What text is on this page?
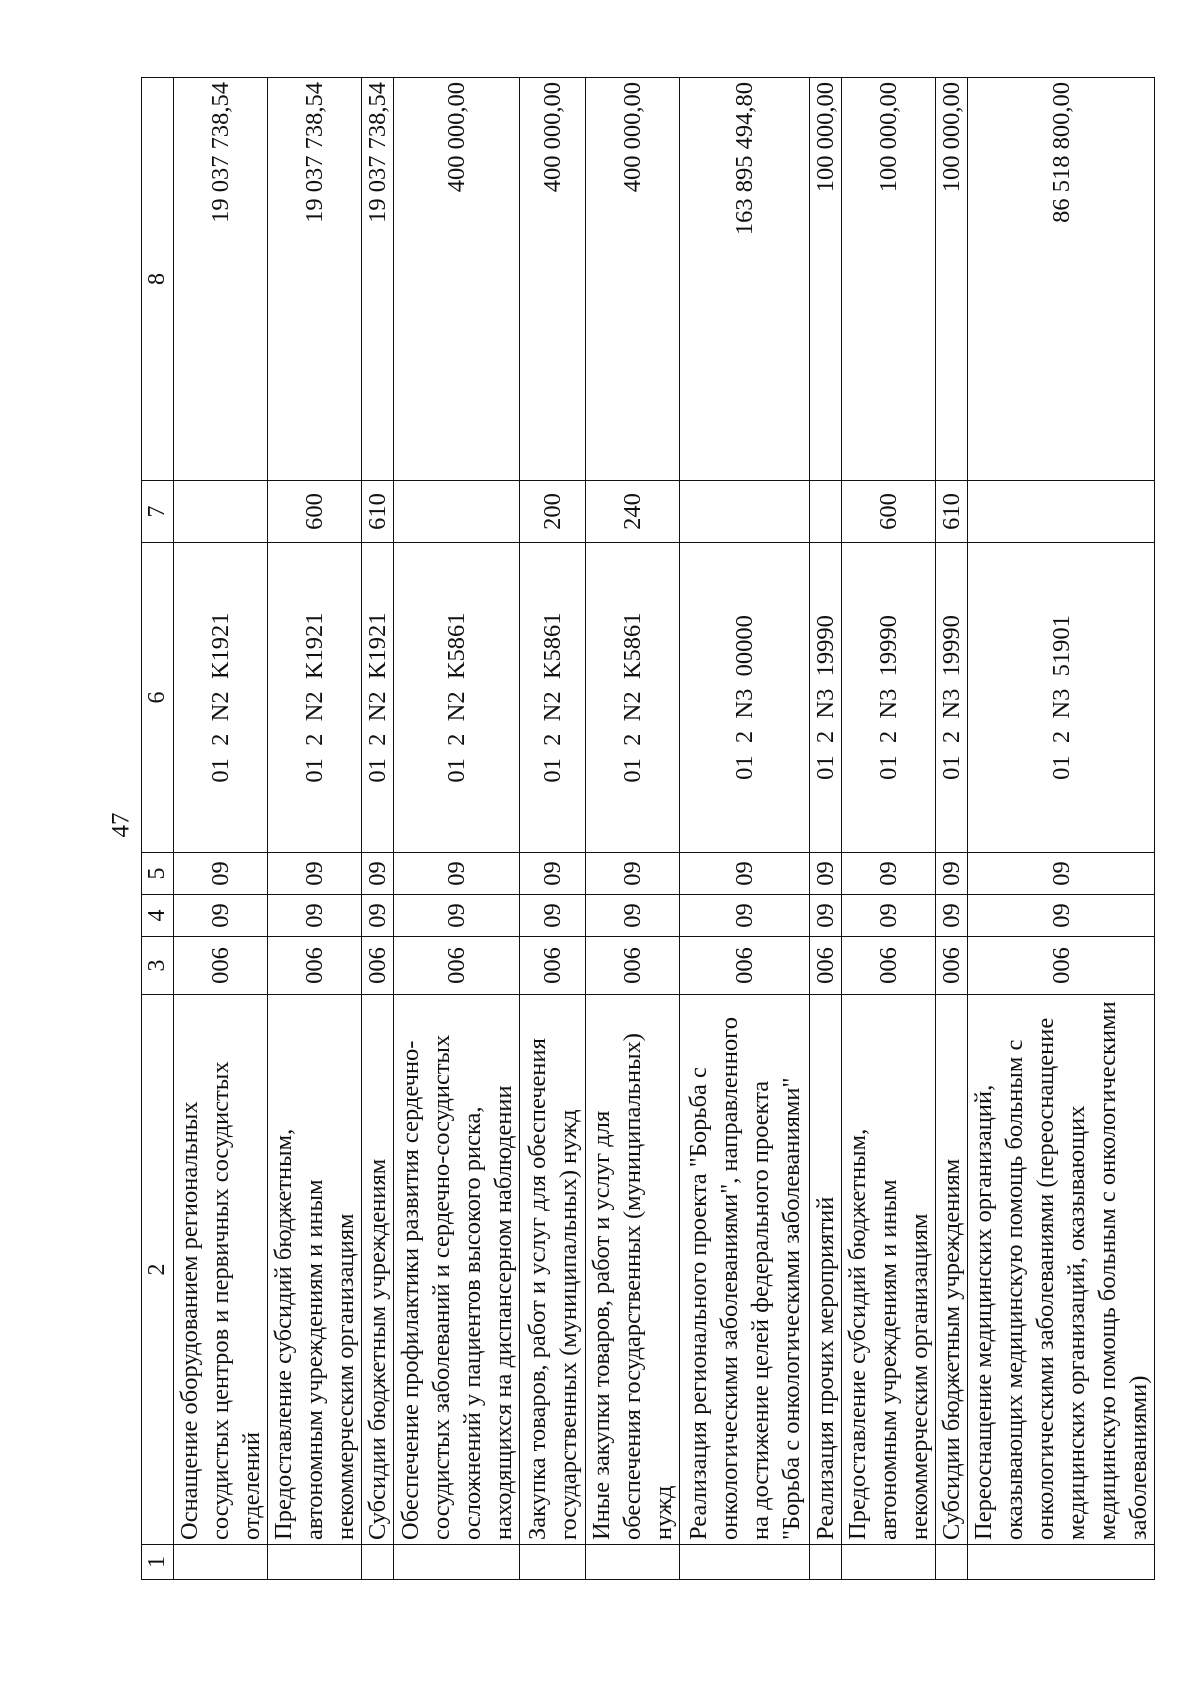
47
1	2	3	4	5	6	7	8
	Оснащение оборудованием региональных сосудистых центров и первичных сосудистых отделений	006	09	09	01  2  N2  K1921		19 037 738,54
	Предоставление субсидий бюджетным, автономным учреждениям и иным некоммерческим организациям	006	09	09	01  2  N2  K1921	600	19 037 738,54
	Субсидии бюджетным учреждениям	006	09	09	01  2  N2  K1921	610	19 037 738,54
	Обеспечение профилактики развития сердечно-сосудистых заболеваний и сердечно-сосудистых осложнений у пациентов высокого риска, находящихся на диспансерном наблюдении	006	09	09	01  2  N2  K5861		400 000,00
	Закупка товаров, работ и услуг для обеспечения государственных (муниципальных) нужд	006	09	09	01  2  N2  K5861	200	400 000,00
	Иные закупки товаров, работ и услуг для обеспечения государственных (муниципальных) нужд	006	09	09	01  2  N2  K5861	240	400 000,00
	Реализация регионального проекта "Борьба с онкологическими заболеваниями", направленного на достижение целей федерального проекта "Борьба с онкологическими заболеваниями"	006	09	09	01  2  N3  00000		163 895 494,80
	Реализация прочих мероприятий	006	09	09	01  2  N3  19990		100 000,00
	Предоставление субсидий бюджетным, автономным учреждениям и иным некоммерческим организациям	006	09	09	01  2  N3  19990	600	100 000,00
	Субсидии бюджетным учреждениям	006	09	09	01  2  N3  19990	610	100 000,00
	Переоснащение медицинских организаций, оказывающих медицинскую помощь больным с онкологическими заболеваниями (переоснащение медицинских организаций, оказывающих медицинскую помощь больным с онкологическими заболеваниями)	006	09	09	01  2  N3  51901		86 518 800,00
